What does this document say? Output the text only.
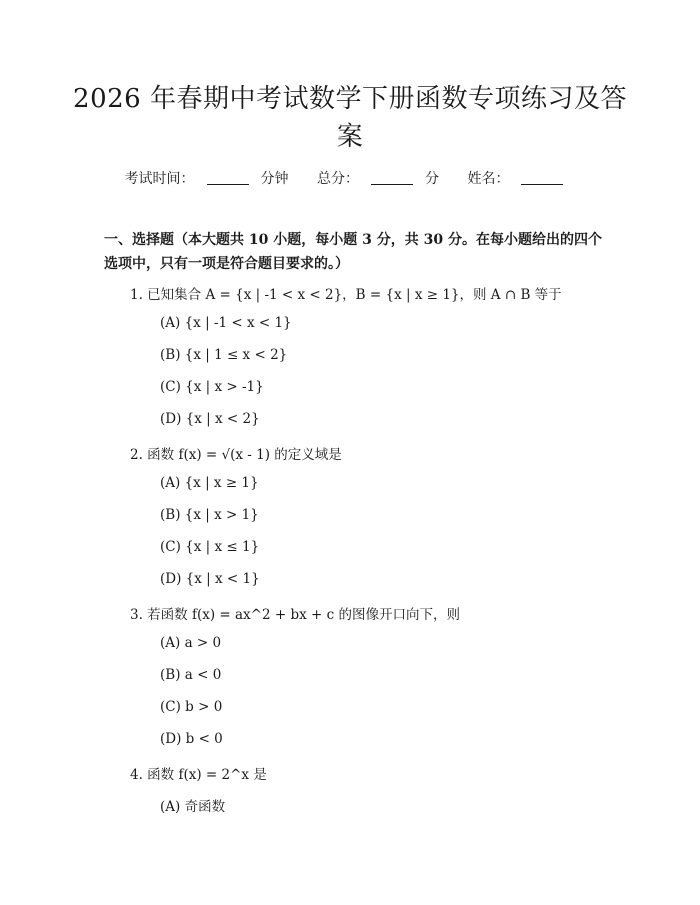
2026 年春期中考试数学下册函数专项练习及答案
考试时间：	分钟 总分：	分 姓名：

一、选择题（本大题共 10 小题，每小题 3 分，共 30 分。在每小题给出的四个选项中，只有一项是符合题目要求的。）

1. 已知集合 A = {x | -1 < x < 2}，B = {x | x ≥ 1}，则 A ∩ B 等于
(A) {x | -1 < x < 1}
(B) {x | 1 ≤ x < 2}
(C) {x | x > -1}
(D) {x | x < 2}
2. 函数 f(x) = √(x - 1) 的定义域是
(A) {x | x ≥ 1}
(B) {x | x > 1}
(C) {x | x ≤ 1}
(D) {x | x < 1}
3. 若函数 f(x) = ax^2 + bx + c 的图像开口向下，则
(A) a > 0
(B) a < 0
(C) b > 0
(D) b < 0
4. 函数 f(x) = 2^x 是
(A) 奇函数
